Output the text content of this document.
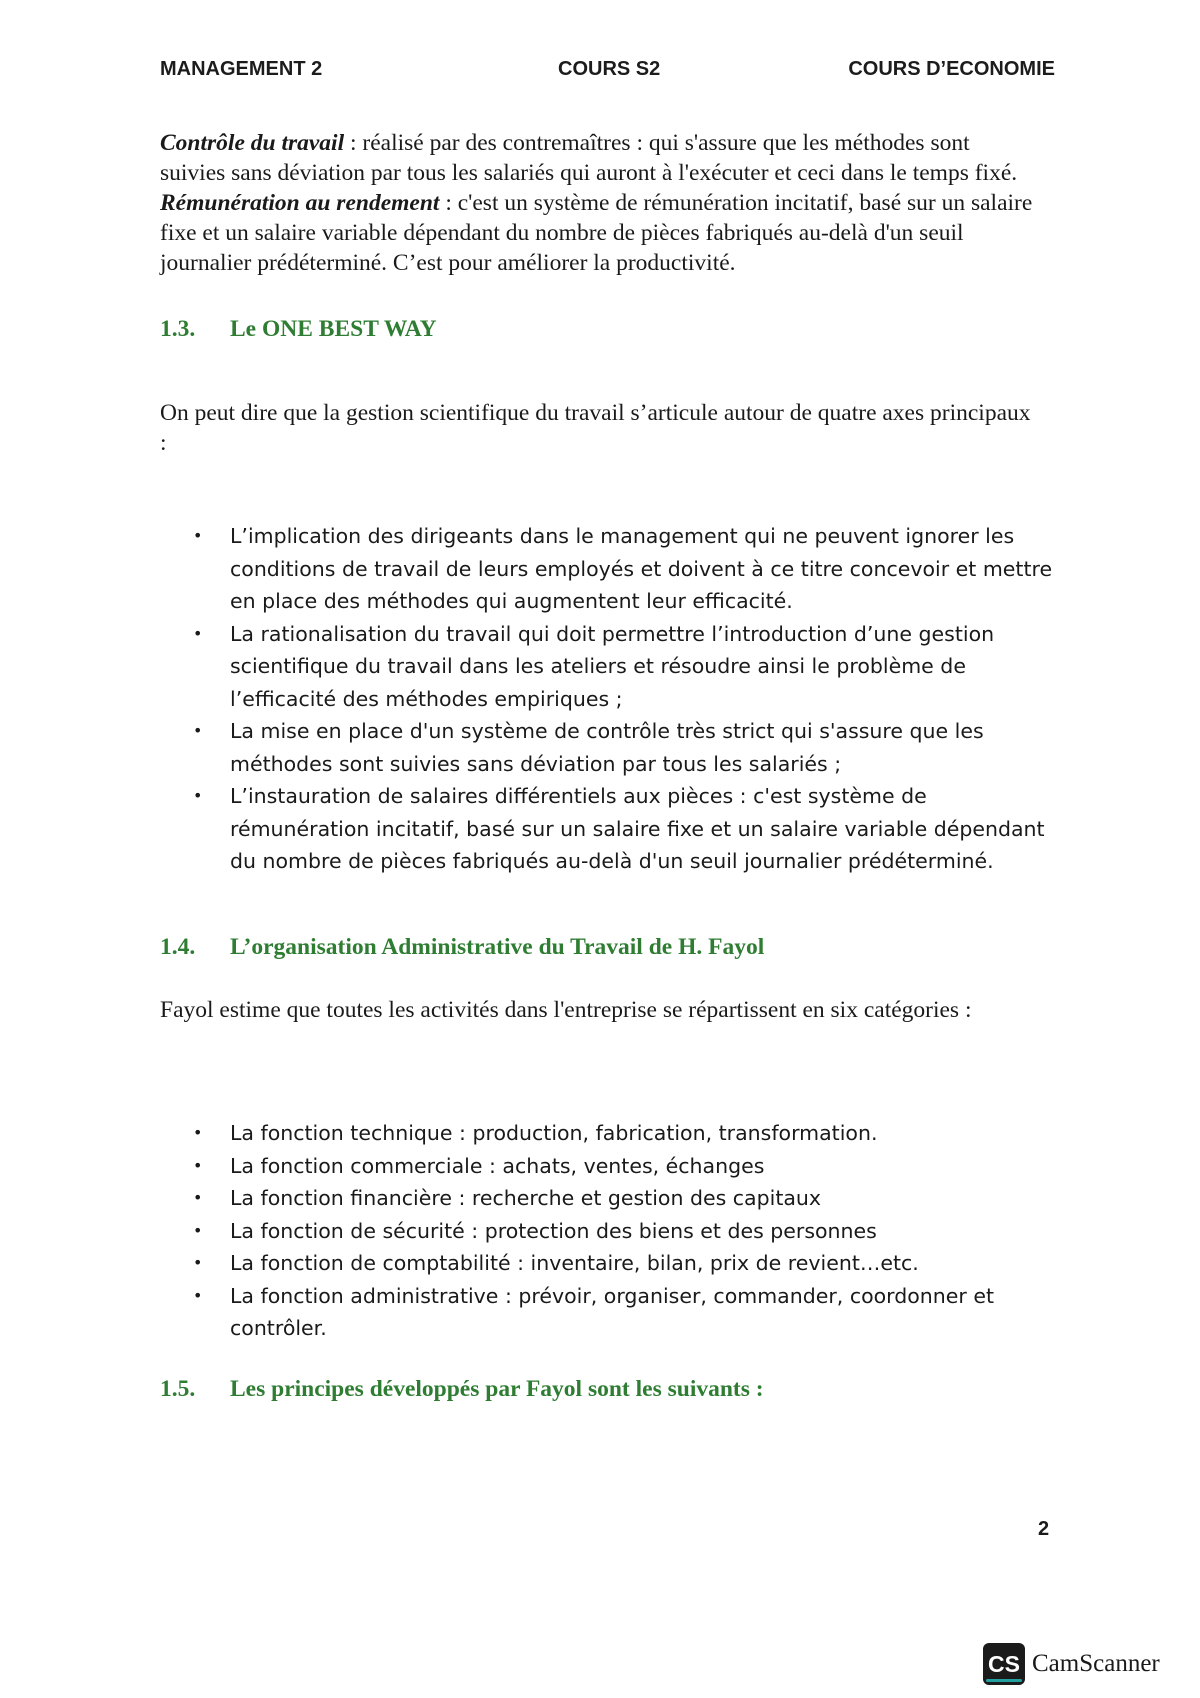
MANAGEMENT 2	COURS S2	COURS D’ECONOMIE

Contrôle du travail : réalisé par des contremaîtres : qui s'assure que les méthodes sont suivies sans déviation par tous les salariés qui auront à l'exécuter et ceci dans le temps fixé.

Rémunération au rendement : c'est un système de rémunération incitatif, basé sur un salaire fixe et un salaire variable dépendant du nombre de pièces fabriqués au-delà d'un seuil journalier prédéterminé. C’est pour améliorer la productivité.

1.3. Le ONE BEST WAY
On peut dire que la gestion scientifique du travail s’articule autour de quatre axes principaux :
• L’implication des dirigeants dans le management qui ne peuvent ignorer les conditions de travail de leurs employés et doivent à ce titre concevoir et mettre en place des méthodes qui augmentent leur efficacité.
• La rationalisation du travail qui doit permettre l’introduction d’une gestion scientifique du travail dans les ateliers et résoudre ainsi le problème de l’efficacité des méthodes empiriques ;
• La mise en place d'un système de contrôle très strict qui s'assure que les méthodes sont suivies sans déviation par tous les salariés ;
• L’instauration de salaires différentiels aux pièces : c'est système de rémunération incitatif, basé sur un salaire fixe et un salaire variable dépendant du nombre de pièces fabriqués au-delà d'un seuil journalier prédéterminé.
1.4. L’organisation Administrative du Travail de H. Fayol
Fayol estime que toutes les activités dans l'entreprise se répartissent en six catégories :
• La fonction technique : production, fabrication, transformation.
• La fonction commerciale : achats, ventes, échanges
• La fonction financière : recherche et gestion des capitaux
• La fonction de sécurité : protection des biens et des personnes
• La fonction de comptabilité : inventaire, bilan, prix de revient…etc.
• La fonction administrative : prévoir, organiser, commander, coordonner et contrôler.
1.5. Les principes développés par Fayol sont les suivants :
2
CS CamScanner
